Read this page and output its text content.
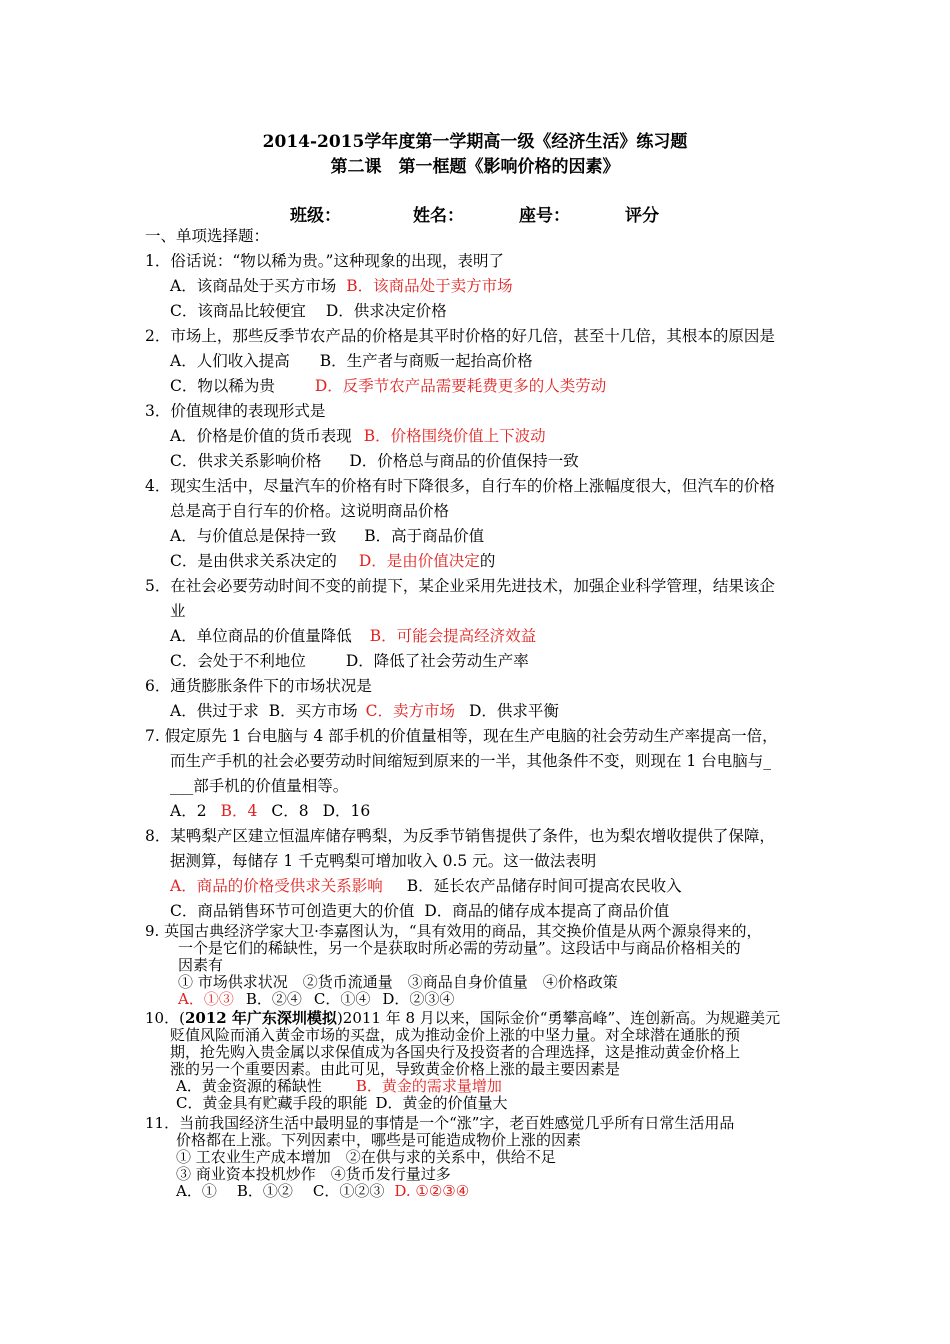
2014-2015学年度第一学期高一级《经济生活》练习题
第二课　第一框题《影响价格的因素》
班级：	姓名：	座号：	评分
一、单项选择题：
1．俗话说：“物以稀为贵。”这种现象的出现，表明了
A．该商品处于买方市场 B．该商品处于卖方市场
C．该商品比较便宜 D．供求决定价格
2．市场上，那些反季节农产品的价格是其平时价格的好几倍，甚至十几倍，其根本的原因是
A．人们收入提高 B．生产者与商贩一起抬高价格
C．物以稀为贵	D．反季节农产品需要耗费更多的人类劳动
3．价值规律的表现形式是
A．价格是价值的货币表现 B．价格围绕价值上下波动
C．供求关系影响价格 D．价格总与商品的价值保持一致
4．现实生活中，尽量汽车的价格有时下降很多，自行车的价格上涨幅度很大，但汽车的价格
总是高于自行车的价格。这说明商品价格
A．与价值总是保持一致 B．高于商品价值
C．是由供求关系决定的 D．是由价值决定的
5．在社会必要劳动时间不变的前提下，某企业采用先进技术，加强企业科学管理，结果该企
业
A．单位商品的价值量降低 B．可能会提高经济效益
C．会处于不利地位	D．降低了社会劳动生产率
6．通货膨胀条件下的市场状况是
A．供过于求 B．买方市场 C．卖方市场 D．供求平衡
7. 假定原先 1 台电脑与 4 部手机的价值量相等，现在生产电脑的社会劳动生产率提高一倍，
而生产手机的社会必要劳动时间缩短到原来的一半，其他条件不变，则现在 1 台电脑与_
___部手机的价值量相等。
A．2 B．4 C．8 D．16
8．某鸭梨产区建立恒温库储存鸭梨，为反季节销售提供了条件，也为梨农增收提供了保障，
据测算，每储存 1 千克鸭梨可增加收入 0.5 元。这一做法表明
A．商品的价格受供求关系影响 B．延长农产品储存时间可提高农民收入
C．商品销售环节可创造更大的价值 D．商品的储存成本提高了商品价值
9. 英国古典经济学家大卫·李嘉图认为，“具有效用的商品，其交换价值是从两个源泉得来的，
一个是它们的稀缺性，另一个是获取时所必需的劳动量”。这段话中与商品价格相关的
因素有
① 市场供求状况　②货币流通量　③商品自身价值量　④价格政策
A．①③ B．②④ C．①④ D．②③④
10．(2012 年广东深圳模拟)2011 年 8 月以来，国际金价“勇攀高峰”、连创新高。为规避美元
贬值风险而涌入黄金市场的买盘，成为推动金价上涨的中坚力量。对全球潜在通胀的预
期，抢先购入贵金属以求保值成为各国央行及投资者的合理选择，这是推动黄金价格上
涨的另一个重要因素。由此可见，导致黄金价格上涨的最主要因素是
A．黄金资源的稀缺性 B．黄金的需求量增加
C．黄金具有贮藏手段的职能 D．黄金的价值量大
11．当前我国经济生活中最明显的事情是一个“涨”字，老百姓感觉几乎所有日常生活用品
价格都在上涨。下列因素中，哪些是可能造成物价上涨的因素
① 工农业生产成本增加　②在供与求的关系中，供给不足
③ 商业资本投机炒作　④货币发行量过多
A．① B．①② C．①②③ D. ①②③④
